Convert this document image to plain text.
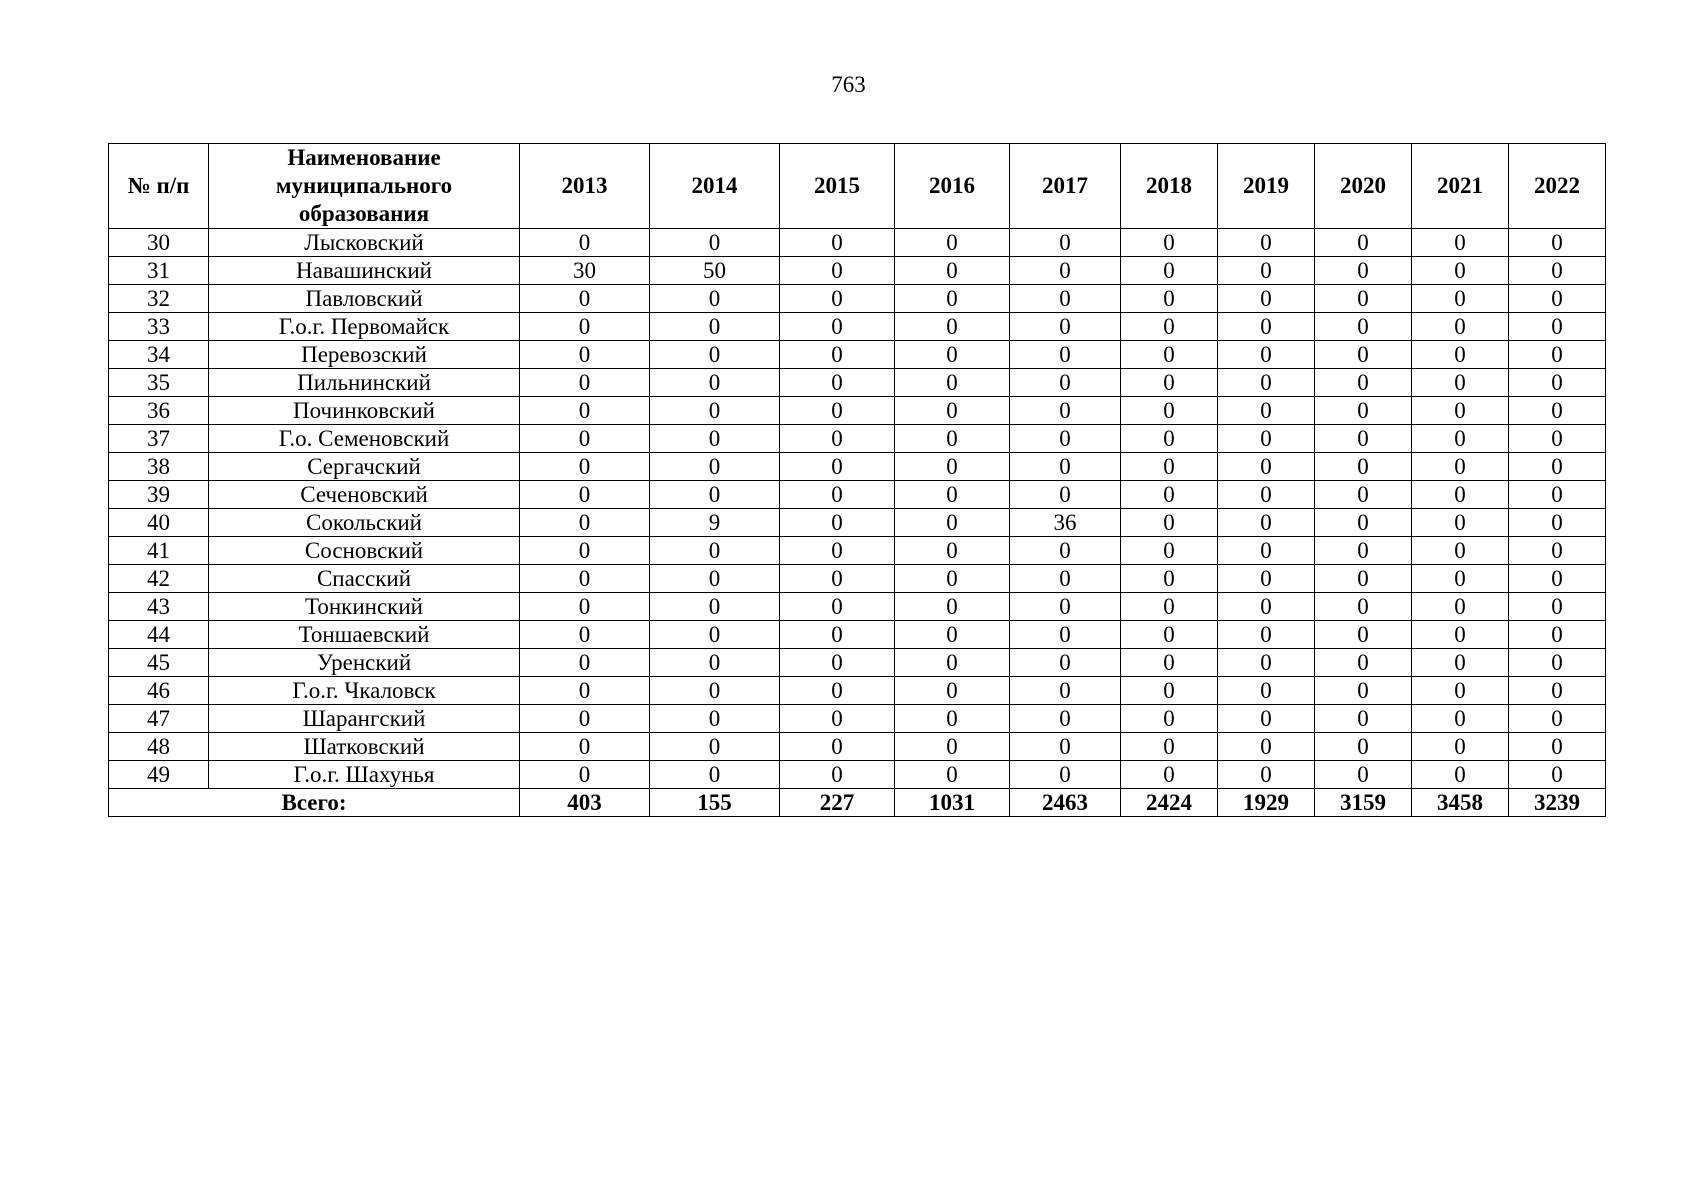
763
№ п/п	Наименование муниципального образования	2013	2014	2015	2016	2017	2018	2019	2020	2021	2022
30	Лысковский	0	0	0	0	0	0	0	0	0	0
31	Навашинский	30	50	0	0	0	0	0	0	0	0
32	Павловский	0	0	0	0	0	0	0	0	0	0
33	Г.о.г. Первомайск	0	0	0	0	0	0	0	0	0	0
34	Перевозский	0	0	0	0	0	0	0	0	0	0
35	Пильнинский	0	0	0	0	0	0	0	0	0	0
36	Починковский	0	0	0	0	0	0	0	0	0	0
37	Г.о. Семеновский	0	0	0	0	0	0	0	0	0	0
38	Сергачский	0	0	0	0	0	0	0	0	0	0
39	Сеченовский	0	0	0	0	0	0	0	0	0	0
40	Сокольский	0	9	0	0	36	0	0	0	0	0
41	Сосновский	0	0	0	0	0	0	0	0	0	0
42	Спасский	0	0	0	0	0	0	0	0	0	0
43	Тонкинский	0	0	0	0	0	0	0	0	0	0
44	Тоншаевский	0	0	0	0	0	0	0	0	0	0
45	Уренский	0	0	0	0	0	0	0	0	0	0
46	Г.о.г. Чкаловск	0	0	0	0	0	0	0	0	0	0
47	Шарангский	0	0	0	0	0	0	0	0	0	0
48	Шатковский	0	0	0	0	0	0	0	0	0	0
49	Г.о.г. Шахунья	0	0	0	0	0	0	0	0	0	0
Всего:		403	155	227	1031	2463	2424	1929	3159	3458	3239
